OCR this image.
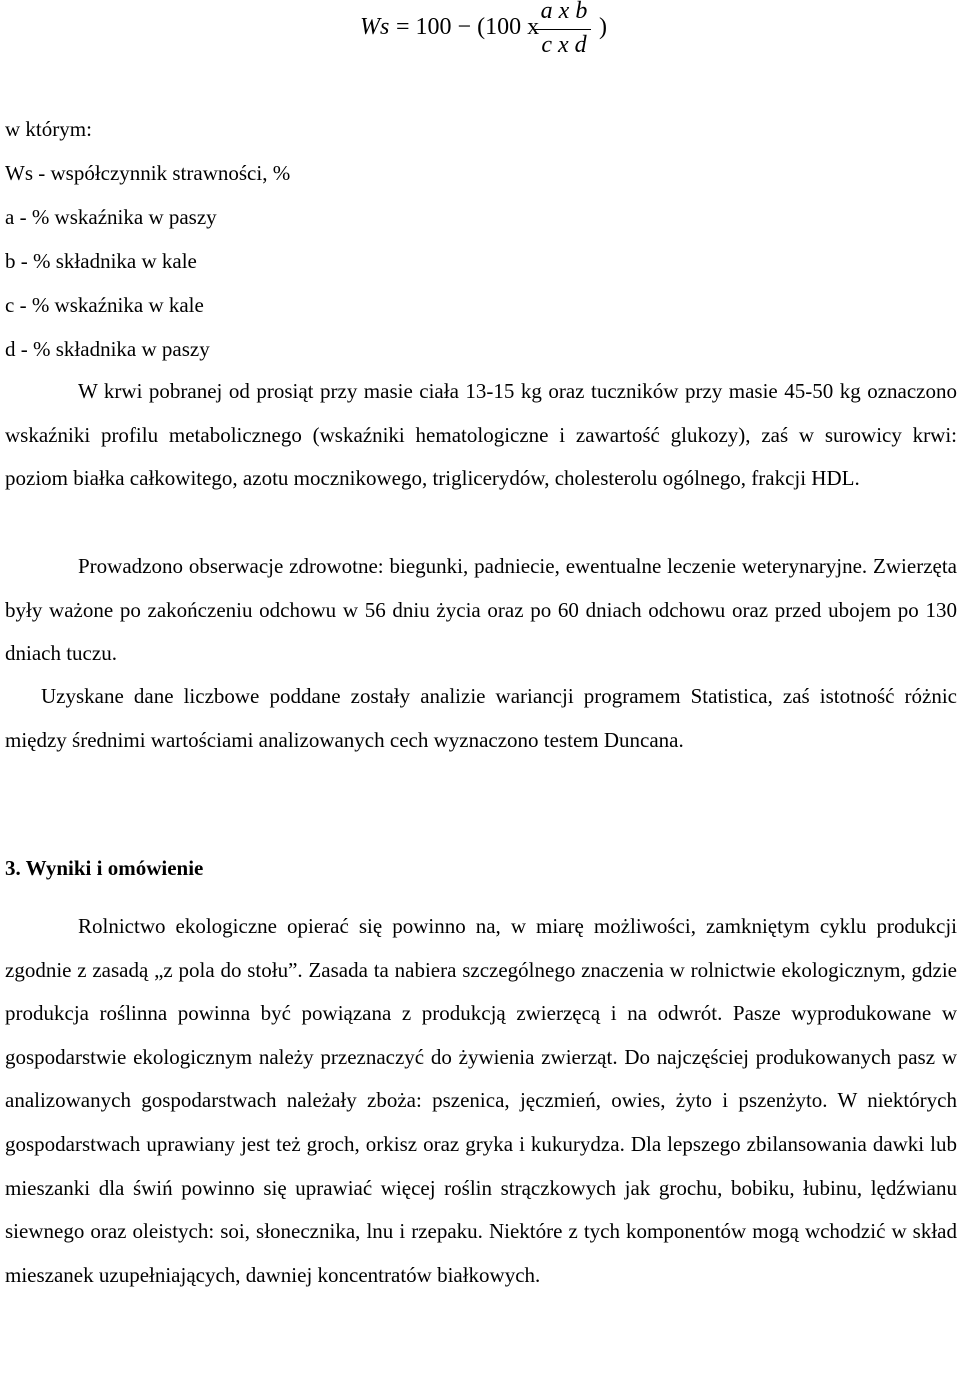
Ws = 100 − (100 x
a x b
c x d
)
w którym:
Ws - współczynnik strawności, %
a - % wskaźnika w paszy
b - % składnika w kale
c - % wskaźnika w kale
d - % składnika w paszy

W krwi pobranej od prosiąt przy masie ciała 13-15 kg oraz tuczników przy masie 45-50 kg oznaczono wskaźniki profilu metabolicznego (wskaźniki hematologiczne i zawartość glukozy), zaś w surowicy krwi: poziom białka całkowitego, azotu mocznikowego, triglicerydów, cholesterolu ogólnego, frakcji HDL.

Prowadzono obserwacje zdrowotne: biegunki, padniecie, ewentualne leczenie weterynaryjne. Zwierzęta były ważone po zakończeniu odchowu w 56 dniu życia oraz po 60 dniach odchowu oraz przed ubojem po 130 dniach tuczu.

Uzyskane dane liczbowe poddane zostały analizie wariancji programem Statistica, zaś istotność różnic między średnimi wartościami analizowanych cech wyznaczono testem Duncana.

3. Wyniki i omówienie

Rolnictwo ekologiczne opierać się powinno na, w miarę możliwości, zamkniętym cyklu produkcji zgodnie z zasadą „z pola do stołu”. Zasada ta nabiera szczególnego znaczenia w rolnictwie ekologicznym, gdzie produkcja roślinna powinna być powiązana z produkcją zwierzęcą i na odwrót. Pasze wyprodukowane w gospodarstwie ekologicznym należy przeznaczyć do żywienia zwierząt. Do najczęściej produkowanych pasz w analizowanych gospodarstwach należały zboża: pszenica, jęczmień, owies, żyto i pszenżyto. W niektórych gospodarstwach uprawiany jest też groch, orkisz oraz gryka i kukurydza. Dla lepszego zbilansowania dawki lub mieszanki dla świń powinno się uprawiać więcej roślin strączkowych jak grochu, bobiku, łubinu, lędźwianu siewnego oraz oleistych: soi, słonecznika, lnu i rzepaku. Niektóre z tych komponentów mogą wchodzić w skład mieszanek uzupełniających, dawniej koncentratów białkowych.
